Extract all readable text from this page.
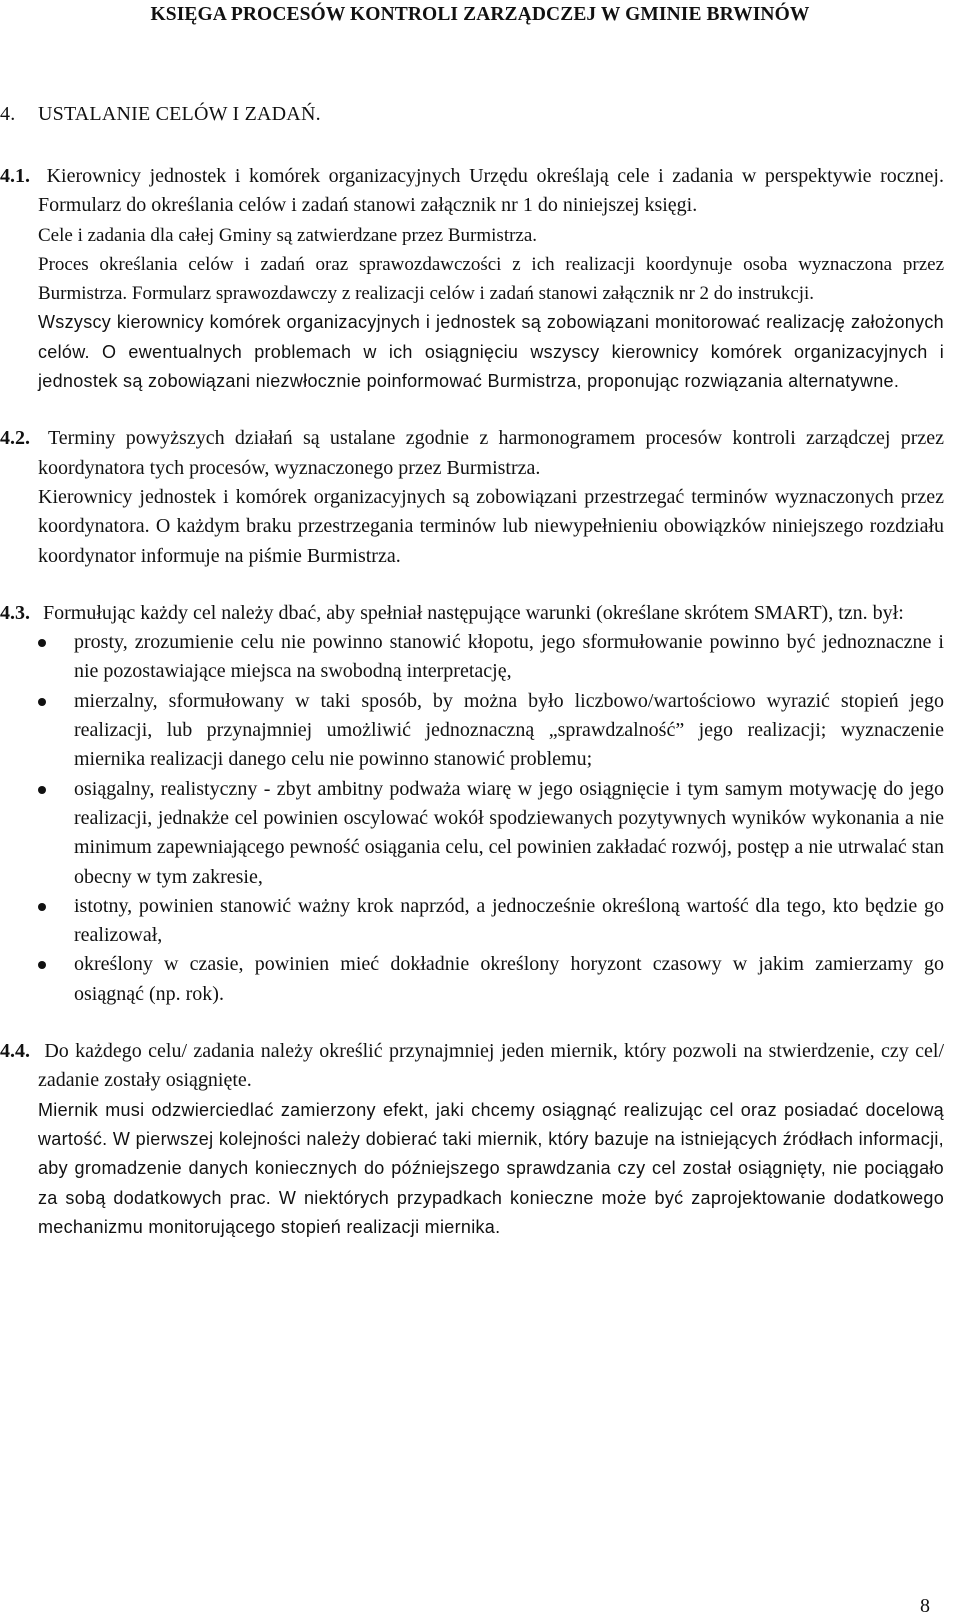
KSIĘGA PROCESÓW KONTROLI ZARZĄDCZEJ W GMINIE BRWINÓW
4. USTALANIE CELÓW I ZADAŃ.

4.1. Kierownicy jednostek i komórek organizacyjnych Urzędu określają cele i zadania w perspektywie rocznej. Formularz do określania celów i zadań stanowi załącznik nr 1 do niniejszej księgi.

Cele i zadania dla całej Gminy są zatwierdzane przez Burmistrza.

Proces określania celów i zadań oraz sprawozdawczości z ich realizacji koordynuje osoba wyznaczona przez Burmistrza. Formularz sprawozdawczy z realizacji celów i zadań stanowi załącznik nr 2 do instrukcji.

Wszyscy kierownicy komórek organizacyjnych i jednostek są zobowiązani monitorować realizację założonych celów. O ewentualnych problemach w ich osiągnięciu wszyscy kierownicy komórek organizacyjnych i jednostek są zobowiązani niezwłocznie poinformować Burmistrza, proponując rozwiązania alternatywne.

4.2. Terminy powyższych działań są ustalane zgodnie z harmonogramem procesów kontroli zarządczej przez koordynatora tych procesów, wyznaczonego przez Burmistrza.

Kierownicy jednostek i komórek organizacyjnych są zobowiązani przestrzegać terminów wyznaczonych przez koordynatora. O każdym braku przestrzegania terminów lub niewypełnieniu obowiązków niniejszego rozdziału koordynator informuje na piśmie Burmistrza.

4.3. Formułując każdy cel należy dbać, aby spełniał następujące warunki (określane skrótem SMART), tzn. był:

prosty, zrozumienie celu nie powinno stanowić kłopotu, jego sformułowanie powinno być jednoznaczne i nie pozostawiające miejsca na swobodną interpretację,
mierzalny, sformułowany w taki sposób, by można było liczbowo/wartościowo wyrazić stopień jego realizacji, lub przynajmniej umożliwić jednoznaczną „sprawdzalność” jego realizacji; wyznaczenie miernika realizacji danego celu nie powinno stanowić problemu;
osiągalny, realistyczny - zbyt ambitny podważa wiarę w jego osiągnięcie i tym samym motywację do jego realizacji, jednakże cel powinien oscylować wokół spodziewanych pozytywnych wyników wykonania a nie minimum zapewniającego pewność osiągania celu, cel powinien zakładać rozwój, postęp a nie utrwalać stan obecny w tym zakresie,
istotny, powinien stanowić ważny krok naprzód, a jednocześnie określoną wartość dla tego, kto będzie go realizował,
określony w czasie, powinien mieć dokładnie określony horyzont czasowy w jakim zamierzamy go osiągnąć (np. rok).

4.4. Do każdego celu/ zadania należy określić przynajmniej jeden miernik, który pozwoli na stwierdzenie, czy cel/ zadanie zostały osiągnięte.

Miernik musi odzwierciedlać zamierzony efekt, jaki chcemy osiągnąć realizując cel oraz posiadać docelową wartość. W pierwszej kolejności należy dobierać taki miernik, który bazuje na istniejących źródłach informacji, aby gromadzenie danych koniecznych do późniejszego sprawdzania czy cel został osiągnięty, nie pociągało za sobą dodatkowych prac. W niektórych przypadkach konieczne może być zaprojektowanie dodatkowego mechanizmu monitorującego stopień realizacji miernika.

8
